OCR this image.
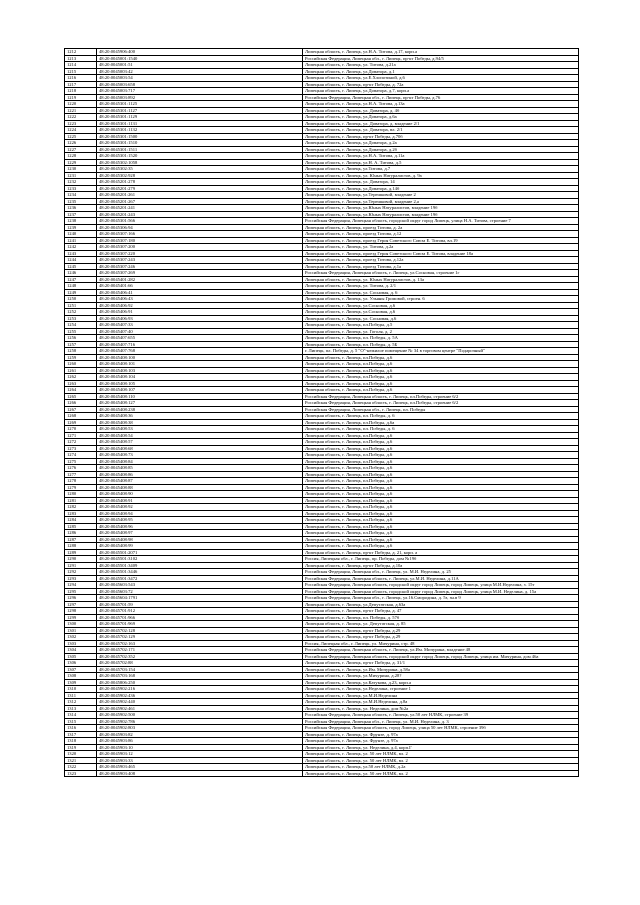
1212	48:20:0045906:400	Липецкая область, г. Липецк, ул.Н.А. Титова, д.17, корп.а
1213	48:20:0045001:1540	Российская Федерация, Липецкая обл., г. Липецк, пр-кт Победы, д.94/5
1214	48:20:0045001:51	Липецкая область, г. Липецк, ул. Титова, д.21а
1215	48:20:0045003:42	Липецкая область, г. Липецк, ул.Доватора, д.1
1216	48:20:0045003:54	Липецкая область, г. Липецк, ул.Е.Хлопотиной, д.6
1217	48:20:0045003:658	Липецкая область, г. Липецк, пр-кт Победы, д. 72а
1218	48:20:0045003:717	Липецкая область, г. Липецк, ул.Доватора, д.7, корп.а
1219	48:20:0045003:892	Российская Федерация, Липецкая обл., г. Липецк, пр-кт Победы, д.76
1220	48:20:0045301:1125	Липецкая область, г. Липецк, ул.Н.А. Титова, д.13а
1221	48:20:0045301:1127	Липецкая область, г. Липецк, ул. Доватора, д. 4б
1222	48:20:0045301:1129	Липецкая область, г. Липецк, ул.Доватора, д.6а
1223	48:20:0045301:1131	Липецкая область, г. Липецк, ул. Доватора, д. владение 2/1
1224	48:20:0045301:1132	Липецкая область, г. Липецк, ул. Доватора, вл. 2/1
1225	48:20:0045301:1500	Липецкая область, г. Липецк, пр-кт Победы, д.70б
1226	48:20:0045301:1510	Липецкая область, г. Липецк, ул.Доватора, д.2а
1227	48:20:0045301:1511	Липецкая область, г. Липецк, ул.Доватора, д.2б
1228	48:20:0045301:1520	Липецкая область, г. Липецк, ул.Н.А. Титова, д.11а
1229	48:20:0045302:1058	Липецкая область, г. Липецк, ул.Н. А. Титова, д.5
1230	48:20:0045302:35	Липецкая область, г. Липецк, ул.Титова, д.7
1231	48:20:0045302:928	Липецкая область, г. Липецк, ул. Юных Натуралистов, д. 9а
1232	48:20:0045201:278	Липецкая область, г. Липецк, ул. Доватора, 14
1233	48:20:0045201:279	Липецкая область, г. Липецк, ул.Доватора, д.14б
1234	48:20:0045201:261	Липецкая область, г. Липецк, ул.Терешковой, владение 2
1235	48:20:0045201:267	Липецкая область, г. Липецк, ул.Терешковой, владение 2,а
1236	48:20:0045201:241	Липецкая область, г. Липецк, ул.Юных Натуралистов, владение 19б
1237	48:20:0045201:243	Липецкая область, г. Липецк, ул.Юных Натуралистов, владение 19б
1238	48:20:0045301:566	Российская Федерация, Липецкая область, городской округ город Липецк, улица Н.А. Титова, строение 7
1239	48:20:0045306:94	Липецкая область, г. Липецк, проезд Титова, д. 2а
1240	48:20:0045307:166	Липецкая область, г. Липецк, проезд Титова, д.12
1241	48:20:0045307:180	Липецкая область, г. Липецк, проезд Героя Советского Союза Е. Титова, вл.19
1242	48:20:0045307:200	Липецкая область, г. Липецк, ул. Титова, д.2а
1243	48:20:0045307:220	Липецкая область, г. Липецк, проезд Героя Советского Союза Е. Титова, владение 18а
1244	48:20:0045307:243	Липецкая область, г. Липецк, проезд Титова, д.12а
1245	48:20:0045307:246	Липецкая область, г. Липецк, проезд Титова, д.1а
1246	48:20:0045307:269	Российская Федерация, Липецкая область, г. Липецк, ул.Сосновая, строение 1г
1247	48:20:0045401:282	Липецкая область, г. Липецк, ул. Юных Натуралистов, д. 13а
1248	48:20:0045401:66	Липецкая область, г. Липецк, ул. Титова, д. 2/1
1249	48:20:0045406:41	Липецкая область, г. Липецк, ул. Сосновая, д. 6
1250	48:20:0045406:43	Липецкая область, г. Липецк, ул. Ульяны Громовой, строен. 6
1251	48:20:0045406:92	Липецкая область, г. Липецк, ул.Сосновая, д.6
1252	48:20:0045406:91	Липецкая область, г. Липецк, ул.Сосновая, д.6
1253	48:20:0045406:93	Липецкая область, г. Липецк, ул. Сосновая, д.6
1254	48:20:0045407:33	Липецкая область, г. Липецк, пл.Победы, д.5
1255	48:20:0045407:40	Липецкая область, г. Липецк, ул. Гоголя, д. 2
1256	48:20:0045407:655	Липецкая область, г. Липецк, пл. Победы, д. 5А
1257	48:20:0045407:716	Липецкая область, г. Липецк, пл. Победы, д. 5Б
1258	48:20:0045407:768	г. Липецк, пл. Победы, д. 5 "О"-нежилое помещение № 34 в торговом центре "Подарочный"
1259	48:20:0045408:100	Липецкая область, г. Липецк, пл.Победы, д.6
1260	48:20:0045408:101	Липецкая область, г. Липецк, пл.Победы, д.6
1261	48:20:0045408:103	Липецкая область, г. Липецк, пл.Победы, д.6
1262	48:20:0045408:104	Липецкая область, г. Липецк, пл.Победы, д.6
1263	48:20:0045408:105	Липецкая область, г. Липецк, пл.Победы, д.6
1264	48:20:0045408:107	Липецкая область, г. Липецк, пл.Победы, д.6
1265	48:20:0045408:110	Российская Федерация, Липецкая область, г. Липецк, пл.Победы, строение 6/2
1266	48:20:0045408:127	Российская Федерация, Липецкая область, г. Липецк, пл.Победы, строение 6/2
1267	48:20:0045408:238	Российская Федерация, Липецкая обл., г. Липецк, пл. Победы
1268	48:20:0045408:36	Липецкая область, г. Липецк, пл. Победы, д. 6
1269	48:20:0045408:38	Липецкая область, г. Липецк, пл.Победы, д.6а
1270	48:20:0045408:53	Липецкая область, г. Липецк, пл. Победы, д. 6
1271	48:20:0045408:54	Липецкая область, г. Липецк, пл.Победы, д.6
1272	48:20:0045408:57	Липецкая область, г. Липецк, пл.Победы, д.6
1273	48:20:0045408:68	Липецкая область, г. Липецк, пл.Победы, д.6
1274	48:20:0045408:73	Липецкая область, г. Липецк, пл.Победы, д.6
1275	48:20:0045408:84	Липецкая область, г. Липецк, пл.Победы, д.6
1276	48:20:0045408:85	Липецкая область, г. Липецк, пл.Победы, д.6
1277	48:20:0045408:86	Липецкая область, г. Липецк, пл.Победы, д.6
1278	48:20:0045408:87	Липецкая область, г. Липецк, пл.Победы, д.6
1279	48:20:0045408:88	Липецкая область, г. Липецк, пл.Победы, д.6
1280	48:20:0045408:90	Липецкая область, г. Липецк, пл.Победы, д.6
1281	48:20:0045408:91	Липецкая область, г. Липецк, пл.Победы, д.6
1282	48:20:0045408:92	Липецкая область, г. Липецк, пл.Победы, д.6
1283	48:20:0045408:94	Липецкая область, г. Липецк, пл.Победы, д.6
1284	48:20:0045408:95	Липецкая область, г. Липецк, пл.Победы, д.6
1285	48:20:0045408:96	Липецкая область, г. Липецк, пл.Победы, д.6
1286	48:20:0045408:97	Липецкая область, г. Липецк, пл.Победы, д.6
1287	48:20:0045408:98	Липецкая область, г. Липецк, пл.Победы, д.6
1288	48:20:0045408:99	Липецкая область, г. Липецк, пл.Победы, д.6
1289	48:20:0045501:2071	Липецкая область, г. Липецк, пр-кт Победы, д. 21, корп. а
1290	48:20:0045501:3102	Россия, Липецкая обл., г. Липецк, пр. Победы, дом №19б
1291	48:20:0045501:3409	Липецкая область, г. Липецк, пр-кт Победы, д.10а
1292	48:20:0045501:3446	Российская Федерация, Липецкая обл., г. Липецк, ул. М.И. Неделина, д. 25
1293	48:20:0045501:3472	Российская Федерация, Липецкая область, г. Липецк, ул.М.И. Неделина, д.11А
1294	48:20:0045603:543	Российская Федерация, Липецкая область, городской округ город Липецк, город Липецк, улица М.И.Неделина, з. 15т
1295	48:20:0045603:72	Российская Федерация, Липецкая область, городской округ город Липецк, город Липецк, улица М.И. Неделина, д. 15а
1296	48:20:0045604:1791	Российская Федерация, Липецкая обл., г. Липецк, ул.16.Смородина, д. 5з, зн.в 9
1297	48:20:0045701:59	Липецкая область, г. Липецк, ул.Депутатская, д.63а
1298	48:20:0045701:912	Липецкая область, г. Липецк, пр-кт Победы, д. 47
1299	48:20:0045701:966	Липецкая область, г. Липецк, пл. Победы, д. 57б
1300	48:20:0045701:969	Липецкая область, г. Липецк, ул. Депутатская, д. 85
1301	48:20:0045702:128	Липецкая область, г. Липецк, пр-кт Победы, д.29
1302	48:20:0045702:129	Липецкая область, г. Липецк, пр-кт Победы, д.29
1303	48:20:0045702:163	Россия, Липецкая обл., г. Липецк, ул. Мичурина, стр. 48
1304	48:20:0045702:171	Российская Федерация, Липецкая область, г. Липецк, ул.Им. Мичурина, владение 48
1305	48:20:0045702:352	Российская Федерация, Липецкая область, городской округ город Липецк, город Липецк, улица им. Мичурина, дом 46а
1306	48:20:0045702:88	Липецкая область, г. Липецк, пр-кт Победы, д. 31/1
1307	48:20:0045703:154	Липецкая область, г. Липецк, ул.Им. Мичурина, д.58а
1308	48:20:0045703:168	Липецкая область, г. Липецк, ул.Мичурина, д.28?
1309	48:20:0045806:250	Липецкая область, г. Липецк, ул.Катукова, д.23, корп.а
1310	48:20:0045902:216	Липецкая область, г. Липецк, ул.Неделина, строение 1
1311	48:20:0045902:436	Липецкая область, г. Липецк, ул.М.И.Неделина
1312	48:20:0045902:440	Липецкая область, г. Липецк, ул.М.И.Неделина, д.8а
1313	48:20:0045902:461	Липецкая область, г. Липецк, ул. Неделина, дом №2а
1314	48:20:0045902:500	Российская Федерация, Липецкая область, г. Липецк, ул.50 лет НЛМК, строение 39
1315	48:20:0045902:786	Российская Федерация, Липецкая обл., г. Липецк, ул. М.И. Неделина, д. 3
1316	48:20:0045902:803	Российская Федерация, Липецкая область, город Липецк, улица 50 лет НЛМК, строение 39б
1317	48:20:0045903:82	Липецкая область, г. Липецк, ул. Фрунзе, д. 97а
1318	48:20:0045903:86	Липецкая область, г. Липецк, ул. Фрунзе, д. 97а
1319	48:20:0045903:10	Липецкая область, г. Липецк, ул. Неделина, д.4, корп.Г
1320	48:20:0045903:12	Липецкая область, г. Липецк, ул. 50 лет НЛМК, вл. 2
1321	48:20:0045903:33	Липецкая область, г. Липецк, ул. 50 лет НЛМК, вл. 2
1322	48:20:0045903:465	Липецкая область, г. Липецк, ул.50 лет НЛМК, д.2а
1323	48:20:0045903:408	Липецкая область, г. Липецк, ул. 50 лет НЛМК, вл. 2
